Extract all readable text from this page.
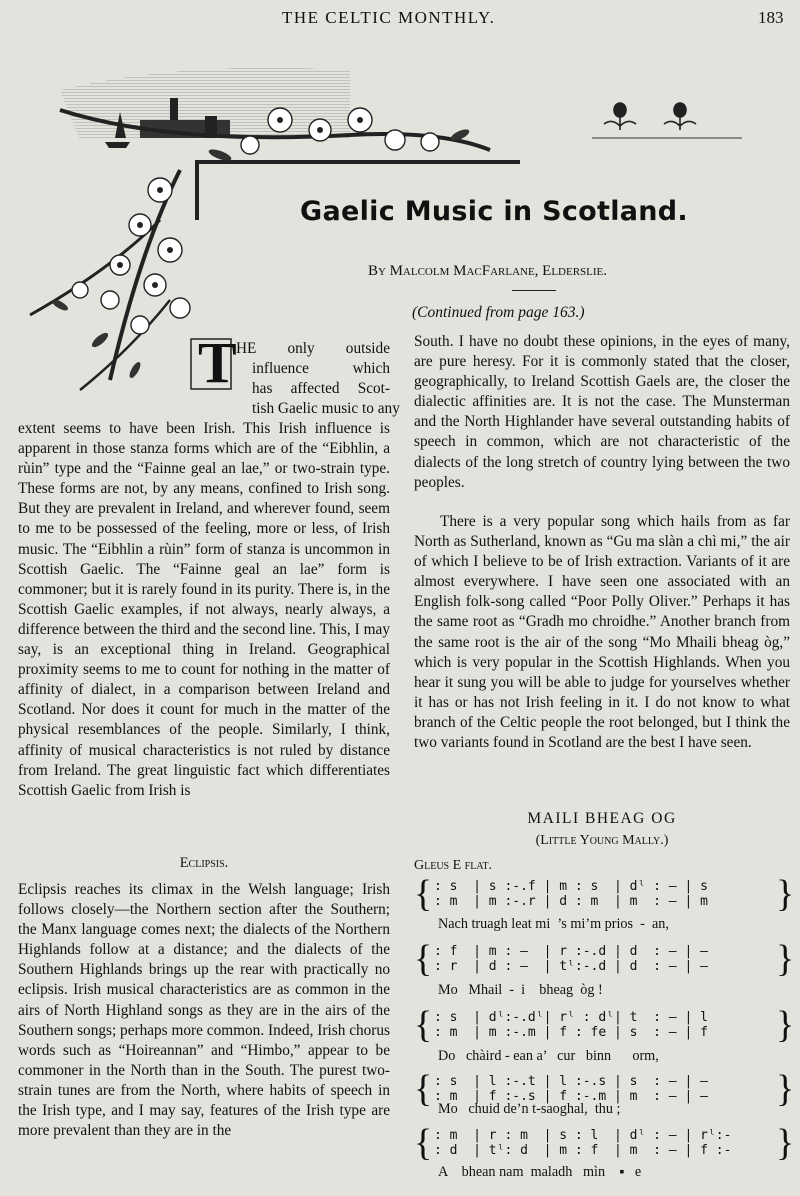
THE CELTIC MONTHLY.	183
Gaelic Music in Scotland.
By Malcolm MacFarlane, Elderslie.
(Continued from page 163.)
T HE only outside
influence which
has affected Scot-
tish Gaelic music to any

extent seems to have been Irish. This Irish influence is apparent in those stanza forms which are of the “Eibhlin, a rùin” type and the “Fainne geal an lae,” or two-strain type. These forms are not, by any means, confined to Irish song. But they are prevalent in Ireland, and wherever found, seem to me to be possessed of the feeling, more or less, of Irish music. The “Eibhlin a rùin” form of stanza is uncommon in Scottish Gaelic. The “Fainne geal an lae” form is commoner; but it is rarely found in its purity. There is, in the Scottish Gaelic examples, if not always, nearly always, a difference between the third and the second line. This, I may say, is an exceptional thing in Ireland. Geographical proximity seems to me to count for nothing in the matter of affinity of dialect, in a comparison between Ireland and Scotland. Nor does it count for much in the matter of the physical resemblances of the people. Similarly, I think, affinity of musical characteristics is not ruled by distance from Ireland. The great linguistic fact which differentiates Scottish Gaelic from Irish is

Eclipsis.

Eclipsis reaches its climax in the Welsh language; Irish follows closely—the Northern section after the Southern; the Manx language comes next; the dialects of the Northern Highlands follow at a distance; and the dialects of the Southern Highlands brings up the rear with practically no eclipsis. Irish musical characteristics are as common in the airs of North Highland songs as they are in the airs of the Southern songs; perhaps more common. Indeed, Irish chorus words such as “Hoireannan” and “Himbo,” appear to be commoner in the North than in the South. The purest two-strain tunes are from the North, where habits of speech in the Irish type, and I may say, features of the Irish type are more prevalent than they are in the

South. I have no doubt these opinions, in the eyes of many, are pure heresy. For it is commonly stated that the closer, geographically, to Ireland Scottish Gaels are, the closer the dialectic affinities are. It is not the case. The Munsterman and the North Highlander have several outstanding habits of speech in common, which are not characteristic of the dialects of the long stretch of country lying between the two peoples.

There is a very popular song which hails from as far North as Sutherland, known as “Gu ma slàn a chì mi,” the air of which I believe to be of Irish extraction. Variants of it are almost everywhere. I have seen one associated with an English folk-song called “Poor Polly Oliver.” Perhaps it has the same root as “Gradh mo chroidhe.” Another branch from the same root is the air of the song “Mo Mhaili bheag òg,” which is very popular in the Scottish Highlands. When you hear it sung you will be able to judge for yourselves whether it has or has not Irish feeling in it. I do not know to what branch of the Celtic people the root belonged, but I think the two variants found in Scotland are the best I have seen.

MAILI BHEAG OG
(Little Young Mally.)
Gleus E flat.
{ : s  | s :-.f | m : s  | dˡ : — | s
: m  | m :-.r | d : m  | m  : — | m }
Nach truagh leat mi  ’s mi’m prios  -  an,
{ : f  | m : —  | r :-.d | d  : — | —
: r  | d : —  | tˡ:-.d | d  : — | — }
Mo   Mhail  -  i    bheag  òg !
{ : s  | dˡ:-.dˡ| rˡ : dˡ| t  : — | l
: m  | m :-.m | f : fe | s  : — | f }
Do   chàird - ean a’   cur   binn      orm,
{ : s  | l :-.t | l :-.s | s  : — | —
: m  | f :-.s | f :-.m | m  : — | — }
Mo   chuid de’n t-saoghal,  thu ;
{ : m  | r : m  | s : l  | dˡ : — | rˡ:-
: d  | tˡ: d  | m : f  | m  : — | f :- }
A    bhean nam  maladh   mìn    ▪   e
